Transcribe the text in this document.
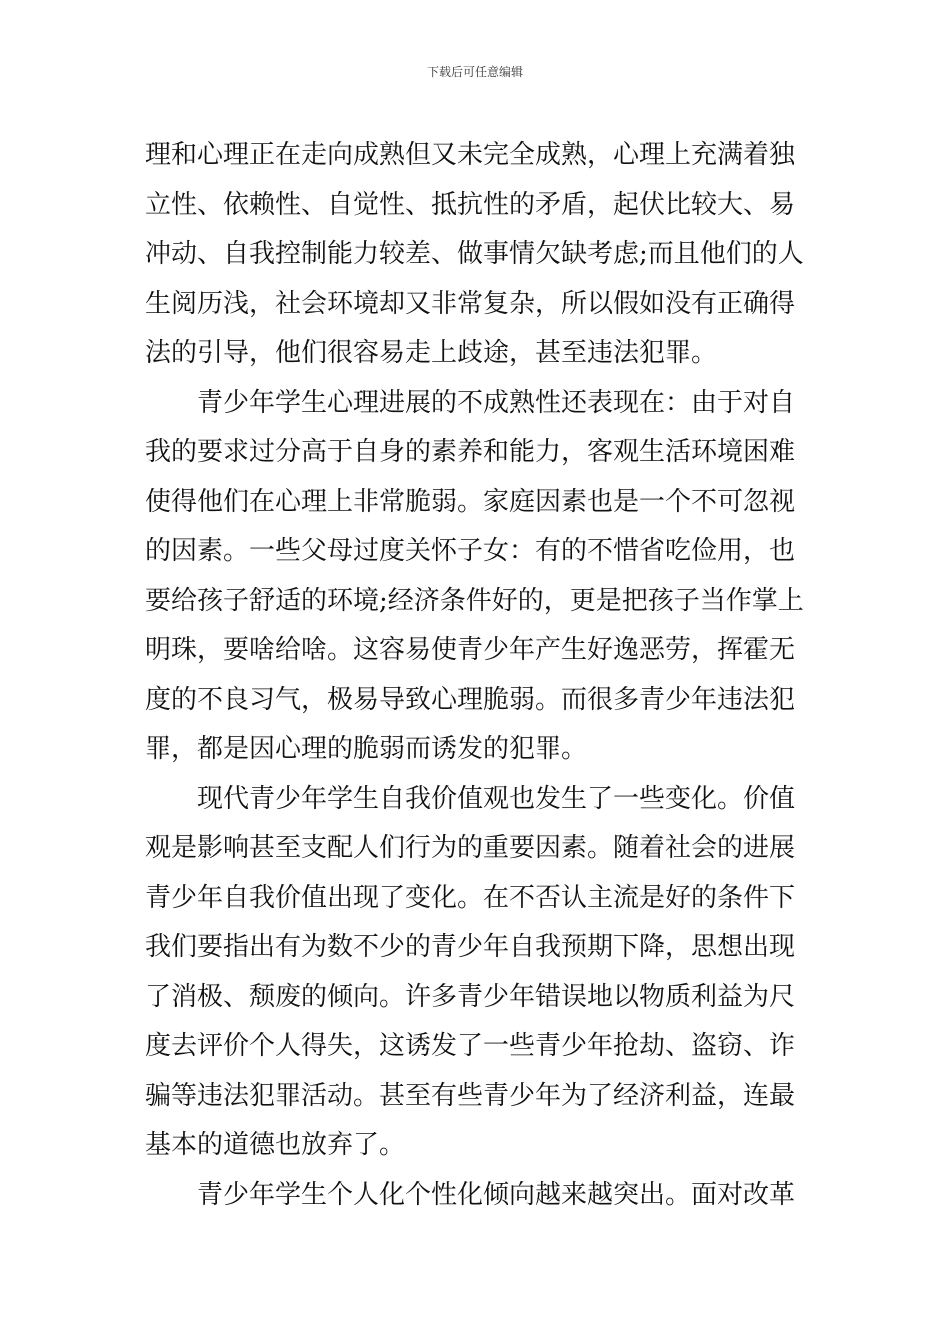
下载后可任意编辑
理和心理正在走向成熟但又未完全成熟，心理上充满着独
立性、依赖性、自觉性、抵抗性的矛盾，起伏比较大、易
冲动、自我控制能力较差、做事情欠缺考虑;而且他们的人
生阅历浅，社会环境却又非常复杂，所以假如没有正确得
法的引导，他们很容易走上歧途，甚至违法犯罪。
青少年学生心理进展的不成熟性还表现在：由于对自
我的要求过分高于自身的素养和能力，客观生活环境困难
使得他们在心理上非常脆弱。家庭因素也是一个不可忽视
的因素。一些父母过度关怀子女：有的不惜省吃俭用，也
要给孩子舒适的环境;经济条件好的，更是把孩子当作掌上
明珠，要啥给啥。这容易使青少年产生好逸恶劳，挥霍无
度的不良习气，极易导致心理脆弱。而很多青少年违法犯
罪，都是因心理的脆弱而诱发的犯罪。
现代青少年学生自我价值观也发生了一些变化。价值
观是影响甚至支配人们行为的重要因素。随着社会的进展
青少年自我价值出现了变化。在不否认主流是好的条件下
我们要指出有为数不少的青少年自我预期下降，思想出现
了消极、颓废的倾向。许多青少年错误地以物质利益为尺
度去评价个人得失，这诱发了一些青少年抢劫、盗窃、诈
骗等违法犯罪活动。甚至有些青少年为了经济利益，连最
基本的道德也放弃了。
青少年学生个人化个性化倾向越来越突出。面对改革
